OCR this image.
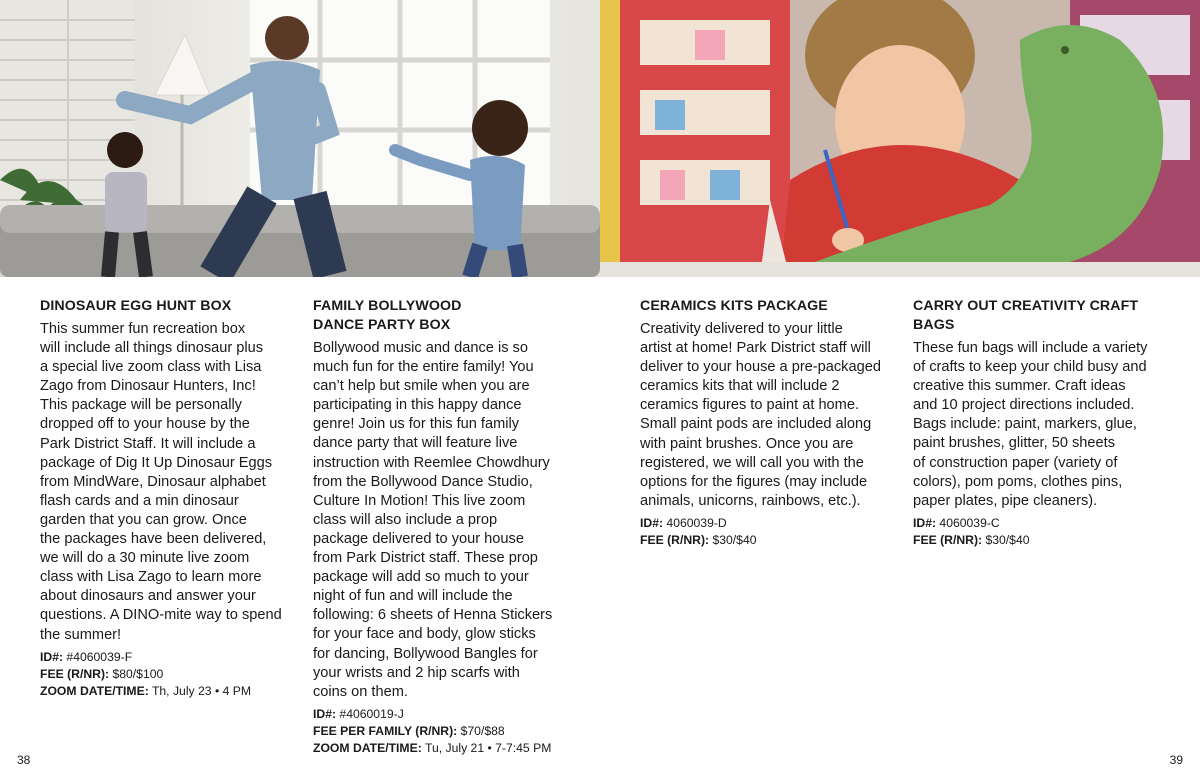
DINOSAUR EGG HUNT BOX

This summer fun recreation box
will include all things dinosaur plus
a special live zoom class with Lisa
Zago from Dinosaur Hunters, Inc!
This package will be personally
dropped off to your house by the
Park District Staff. It will include a
package of Dig It Up Dinosaur Eggs
from MindWare, Dinosaur alphabet
flash cards and a min dinosaur
garden that you can grow. Once
the packages have been delivered,
we will do a 30 minute live zoom
class with Lisa Zago to learn more
about dinosaurs and answer your
questions. A DINO-mite way to spend
the summer!

ID#: #4060039-F
FEE (R/NR): $80/$100
ZOOM DATE/TIME: Th, July 23 • 4 PM
FAMILY BOLLYWOOD
DANCE PARTY BOX

Bollywood music and dance is so
much fun for the entire family! You
can’t help but smile when you are
participating in this happy dance
genre! Join us for this fun family
dance party that will feature live
instruction with Reemlee Chowdhury
from the Bollywood Dance Studio,
Culture In Motion! This live zoom
class will also include a prop
package delivered to your house
from Park District staff. These prop
package will add so much to your
night of fun and will include the
following: 6 sheets of Henna Stickers
for your face and body, glow sticks
for dancing, Bollywood Bangles for
your wrists and 2 hip scarfs with
coins on them.

ID#: #4060019-J
FEE PER FAMILY (R/NR): $70/$88
ZOOM DATE/TIME: Tu, July 21 • 7-7:45 PM
CERAMICS KITS PACKAGE

Creativity delivered to your little
artist at home! Park District staff will
deliver to your house a pre-packaged
ceramics kits that will include 2
ceramics figures to paint at home.
Small paint pods are included along
with paint brushes. Once you are
registered, we will call you with the
options for the figures (may include
animals, unicorns, rainbows, etc.).

ID#: 4060039-D
FEE (R/NR): $30/$40
CARRY OUT CREATIVITY CRAFT BAGS

These fun bags will include a variety
of crafts to keep your child busy and
creative this summer. Craft ideas
and 10 project directions included.
Bags include: paint, markers, glue,
paint brushes, glitter, 50 sheets
of construction paper (variety of
colors), pom poms, clothes pins,
paper plates, pipe cleaners).

ID#: 4060039-C
FEE (R/NR): $30/$40
38	39
